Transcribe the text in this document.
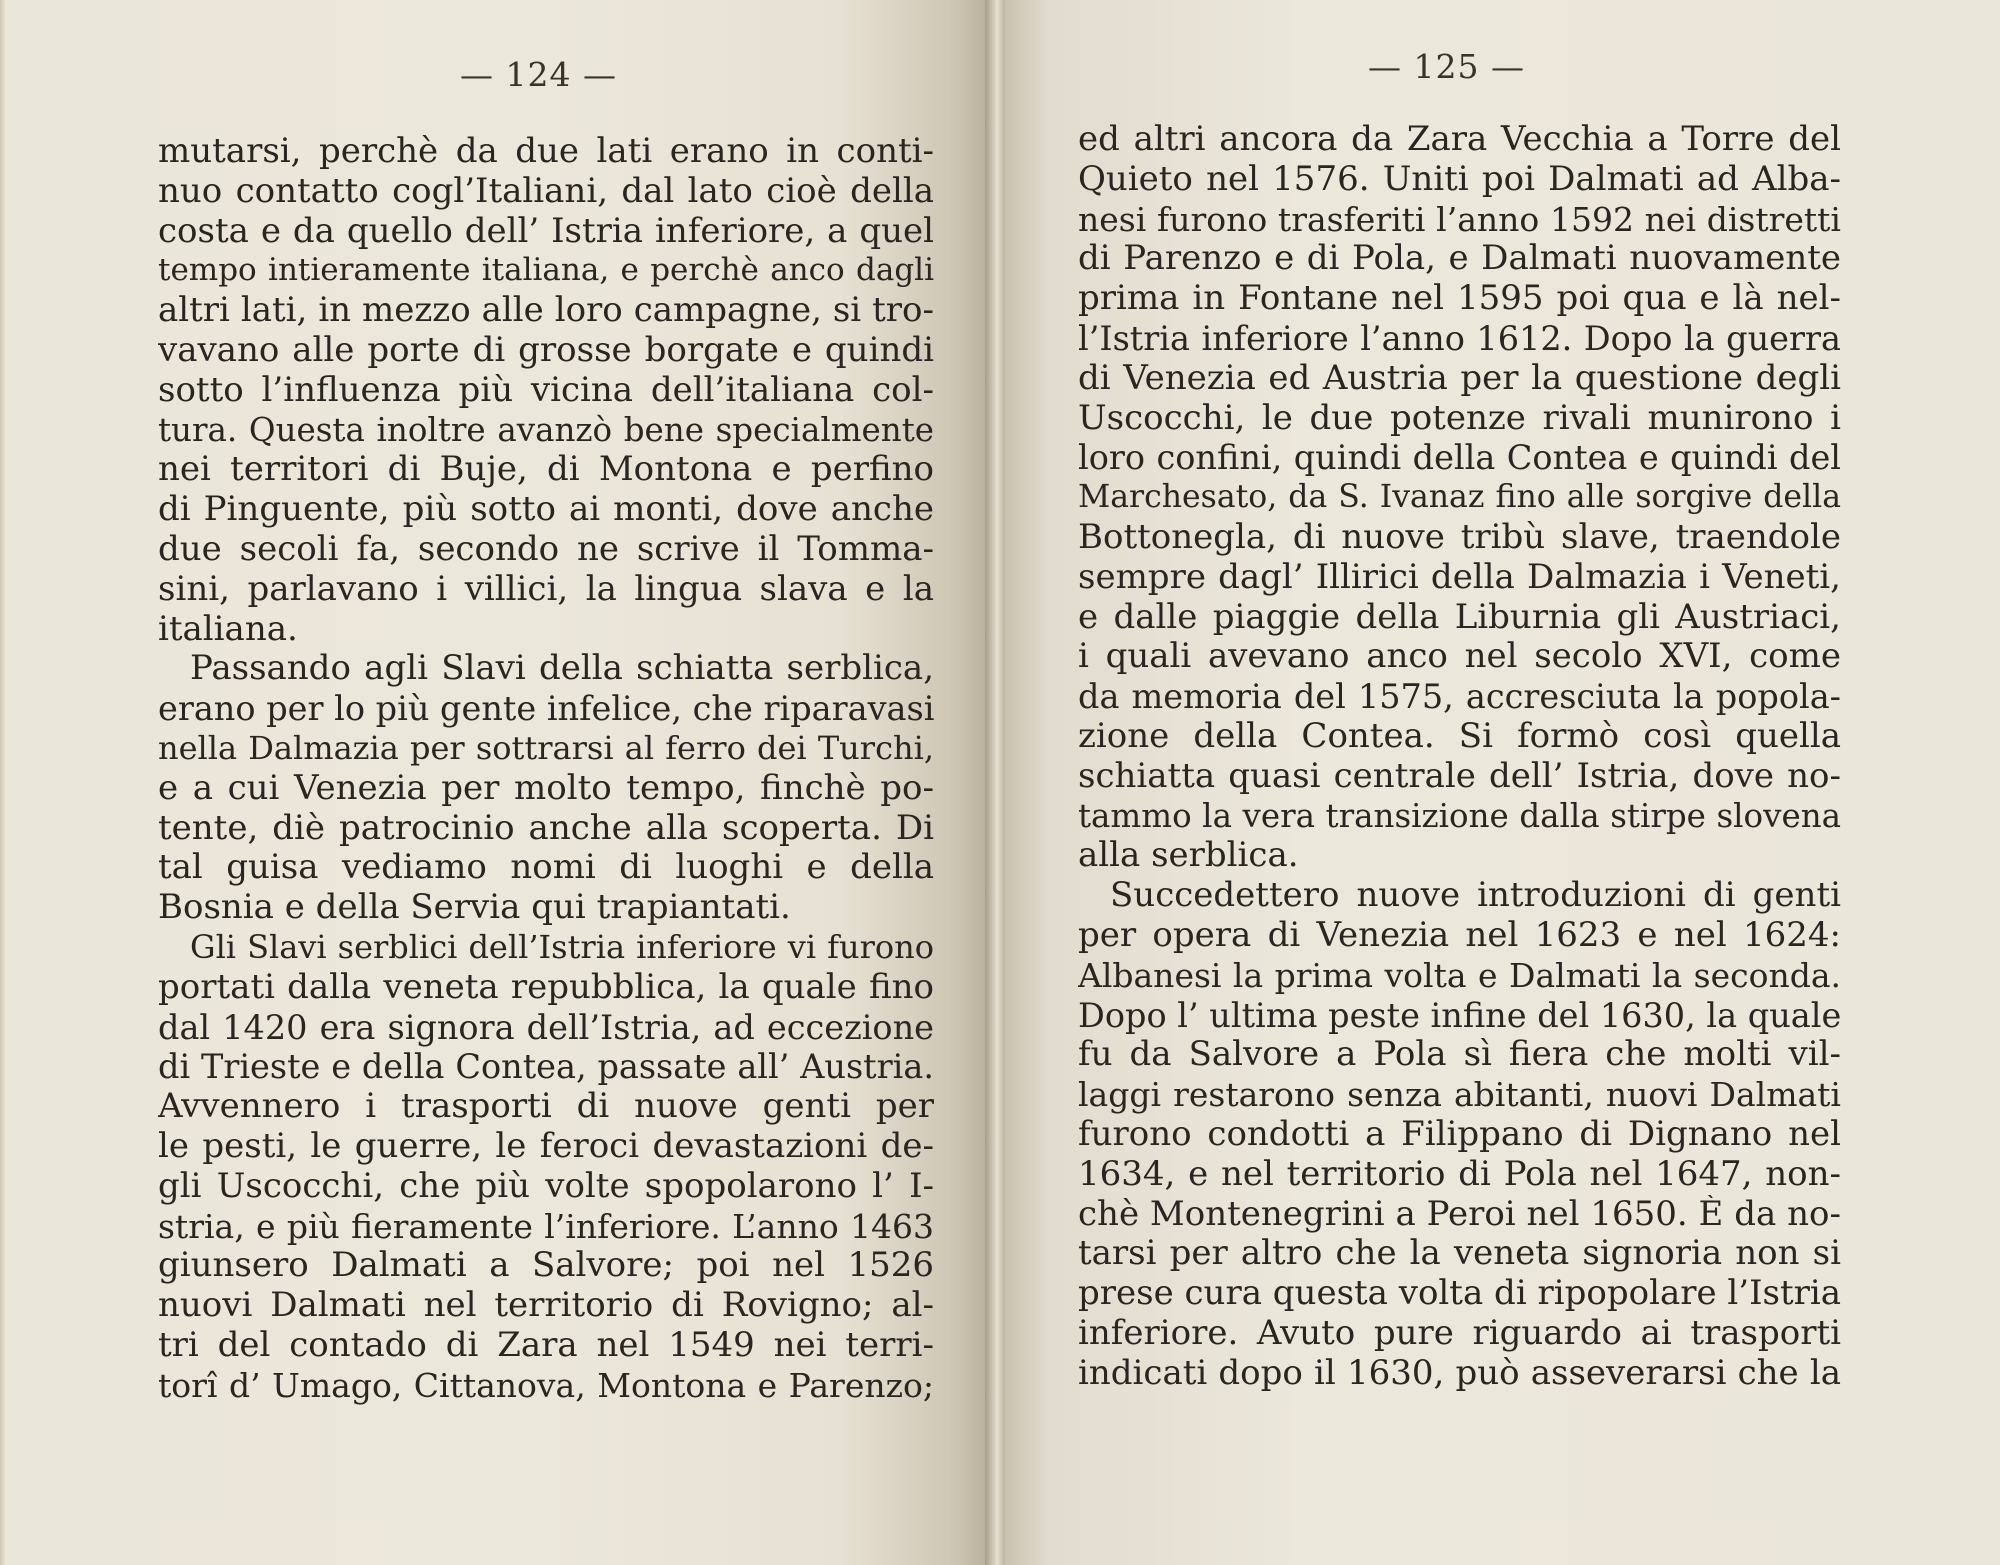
— 124 —
mutarsi, perchè da due lati erano in conti-
nuo contatto cogl’Italiani, dal lato cioè della
costa e da quello dell’ Istria inferiore, a quel
tempo intieramente italiana, e perchè anco dagli
altri lati, in mezzo alle loro campagne, si tro-
vavano alle porte di grosse borgate e quindi
sotto l’influenza più vicina dell’italiana col-
tura. Questa inoltre avanzò bene specialmente
nei territori di Buje, di Montona e perfino
di Pinguente, più sotto ai monti, dove anche
due secoli fa, secondo ne scrive il Tomma-
sini, parlavano i villici, la lingua slava e la
italiana.
Passando agli Slavi della schiatta serblica,
erano per lo più gente infelice, che riparavasi
nella Dalmazia per sottrarsi al ferro dei Turchi,
e a cui Venezia per molto tempo, finchè po-
tente, diè patrocinio anche alla scoperta. Di
tal guisa vediamo nomi di luoghi e della
Bosnia e della Servia qui trapiantati.
Gli Slavi serblici dell’Istria inferiore vi furono
portati dalla veneta repubblica, la quale fino
dal 1420 era signora dell’Istria, ad eccezione
di Trieste e della Contea, passate all’ Austria.
Avvennero i trasporti di nuove genti per
le pesti, le guerre, le feroci devastazioni de-
gli Uscocchi, che più volte spopolarono l’ I-
stria, e più fieramente l’inferiore. L’anno 1463
giunsero Dalmati a Salvore; poi nel 1526
nuovi Dalmati nel territorio di Rovigno; al-
tri del contado di Zara nel 1549 nei terri-
torî d’ Umago, Cittanova, Montona e Parenzo;
— 125 —
ed altri ancora da Zara Vecchia a Torre del
Quieto nel 1576. Uniti poi Dalmati ad Alba-
nesi furono trasferiti l’anno 1592 nei distretti
di Parenzo e di Pola, e Dalmati nuovamente
prima in Fontane nel 1595 poi qua e là nel-
l’Istria inferiore l’anno 1612. Dopo la guerra
di Venezia ed Austria per la questione degli
Uscocchi, le due potenze rivali munirono i
loro confini, quindi della Contea e quindi del
Marchesato, da S. Ivanaz fino alle sorgive della
Bottonegla, di nuove tribù slave, traendole
sempre dagl’ Illirici della Dalmazia i Veneti,
e dalle piaggie della Liburnia gli Austriaci,
i quali avevano anco nel secolo XVI, come
da memoria del 1575, accresciuta la popola-
zione della Contea. Si formò così quella
schiatta quasi centrale dell’ Istria, dove no-
tammo la vera transizione dalla stirpe slovena
alla serblica.
Succedettero nuove introduzioni di genti
per opera di Venezia nel 1623 e nel 1624:
Albanesi la prima volta e Dalmati la seconda.
Dopo l’ ultima peste infine del 1630, la quale
fu da Salvore a Pola sì fiera che molti vil-
laggi restarono senza abitanti, nuovi Dalmati
furono condotti a Filippano di Dignano nel
1634, e nel territorio di Pola nel 1647, non-
chè Montenegrini a Peroi nel 1650. È da no-
tarsi per altro che la veneta signoria non si
prese cura questa volta di ripopolare l’Istria
inferiore. Avuto pure riguardo ai trasporti
indicati dopo il 1630, può asseverarsi che la
